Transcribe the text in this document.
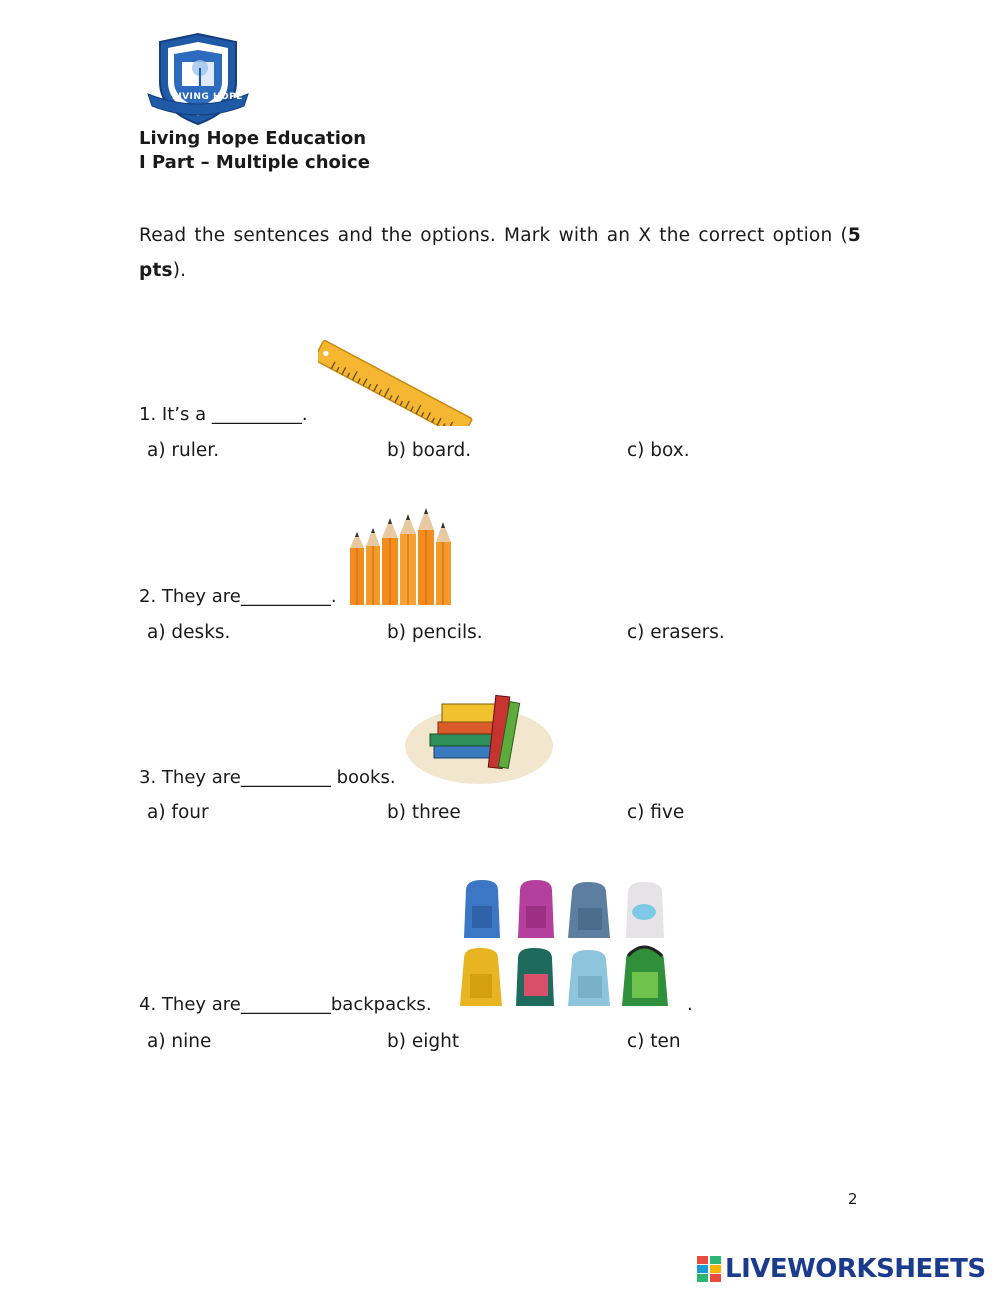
LIVING HOPE
Living Hope Education
I Part – Multiple choice
Read the sentences and the options. Mark with an X the correct option (5 pts).
1. It’s a __________.
a) ruler.	b) board.	c) box.
2. They are__________.
a) desks.	b) pencils.	c) erasers.
3. They are__________ books.
a) four	b) three	c) five
4. They are__________backpacks.	.
a) nine	b) eight	c) ten
2
LIVEWORKSHEETS
